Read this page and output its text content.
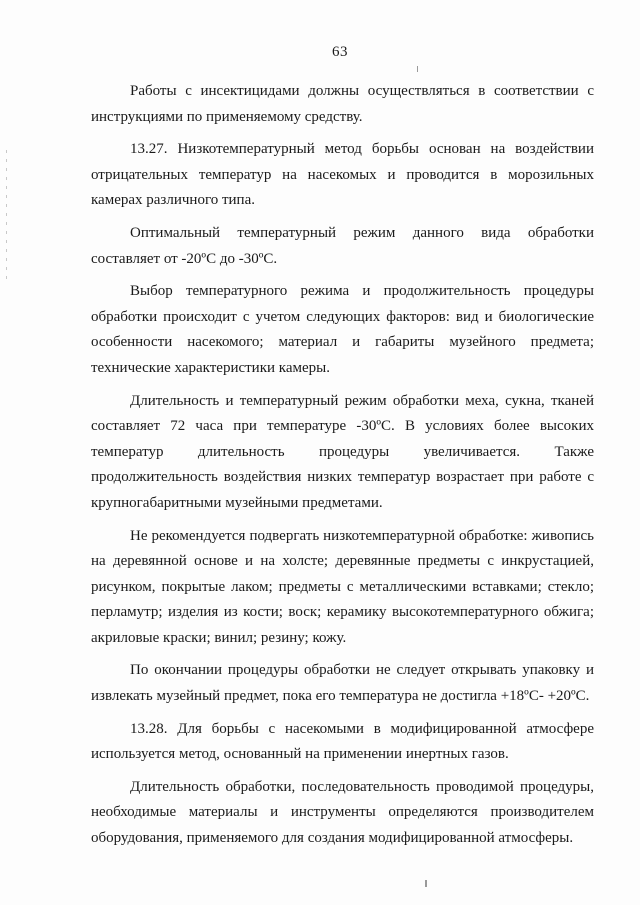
63

Работы с инсектицидами должны осуществляться в соответствии с инструкциями по применяемому средству.

13.27. Низкотемпературный метод борьбы основан на воздействии отрицательных температур на насекомых и проводится в морозильных камерах различного типа.

Оптимальный температурный режим данного вида обработки составляет от -20ºС до -30ºС.

Выбор температурного режима и продолжительность процедуры обработки происходит с учетом следующих факторов: вид и биологические особенности насекомого; материал и габариты музейного предмета; технические характеристики камеры.

Длительность и температурный режим обработки меха, сукна, тканей составляет 72 часа при температуре -30ºС. В условиях более высоких температур длительность процедуры увеличивается. Также продолжительность воздействия низких температур возрастает при работе с крупногабаритными музейными предметами.

Не рекомендуется подвергать низкотемпературной обработке: живопись на деревянной основе и на холсте; деревянные предметы с инкрустацией, рисунком, покрытые лаком; предметы с металлическими вставками; стекло; перламутр; изделия из кости; воск; керамику высокотемпературного обжига; акриловые краски; винил; резину; кожу.

По окончании процедуры обработки не следует открывать упаковку и извлекать музейный предмет, пока его температура не достигла +18ºС- +20ºС.

13.28. Для борьбы с насекомыми в модифицированной атмосфере используется метод, основанный на применении инертных газов.

Длительность обработки, последовательность проводимой процедуры, необходимые материалы и инструменты определяются производителем оборудования, применяемого для создания модифицированной атмосферы.
